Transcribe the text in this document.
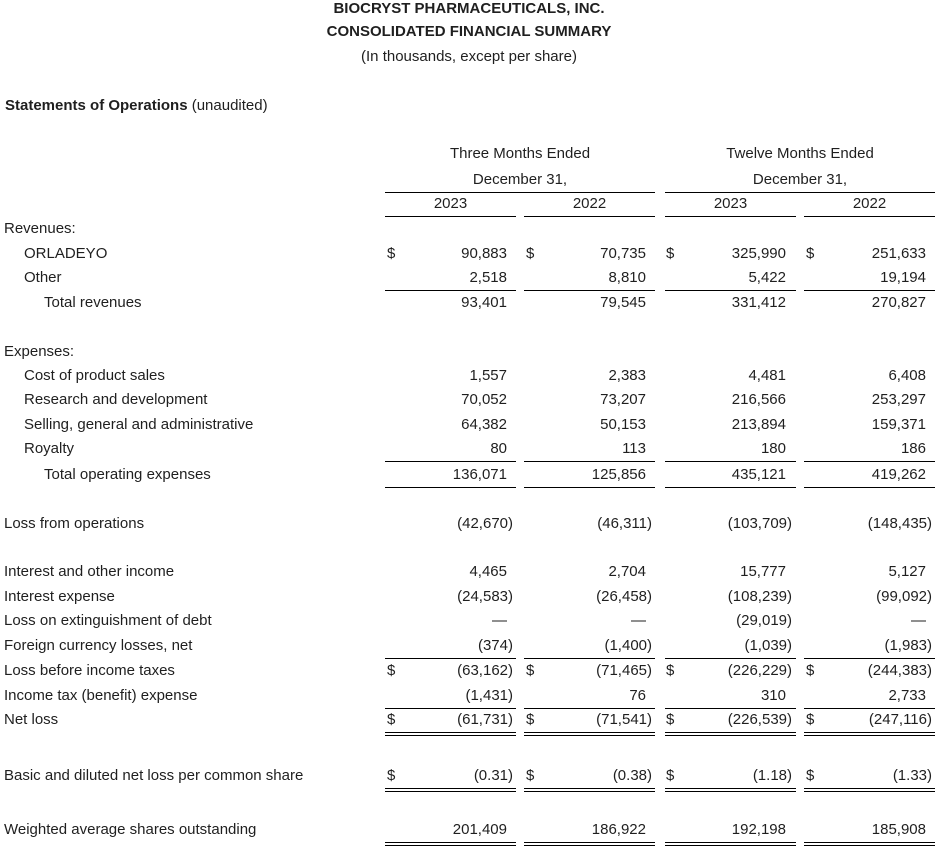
BIOCRYST PHARMACEUTICALS, INC.
CONSOLIDATED FINANCIAL SUMMARY
(In thousands, except per share)
Statements of Operations (unaudited)
Three Months Ended
December 31,
Twelve Months Ended
December 31,
2023	2022	2023	2022
Revenues:
ORLADEYO	$	90,883 $	70,735 $	325,990 $	251,633
Other	2,518	8,810	5,422	19,194
Total revenues	93,401	79,545	331,412	270,827
Expenses:
Cost of product sales	1,557	2,383	4,481	6,408
Research and development	70,052	73,207	216,566	253,297
Selling, general and administrative	64,382	50,153	213,894	159,371
Royalty	80	113	180	186
Total operating expenses	136,071	125,856	435,121	419,262
Loss from operations	(42,670)	(46,311)	(103,709)	(148,435)
Interest and other income	4,465	2,704	15,777	5,127
Interest expense	(24,583)	(26,458)	(108,239)	(99,092)
Loss on extinguishment of debt	—	—	(29,019)	—
Foreign currency losses, net	(374)	(1,400)	(1,039)	(1,983)
Loss before income taxes	$	(63,162) $	(71,465) $	(226,229) $	(244,383)
Income tax (benefit) expense	(1,431)	76	310	2,733
Net loss	$	(61,731) $	(71,541) $	(226,539) $	(247,116)
Basic and diluted net loss per common share	$	(0.31) $	(0.38) $	(1.18) $	(1.33)
Weighted average shares outstanding	201,409	186,922	192,198	185,908
